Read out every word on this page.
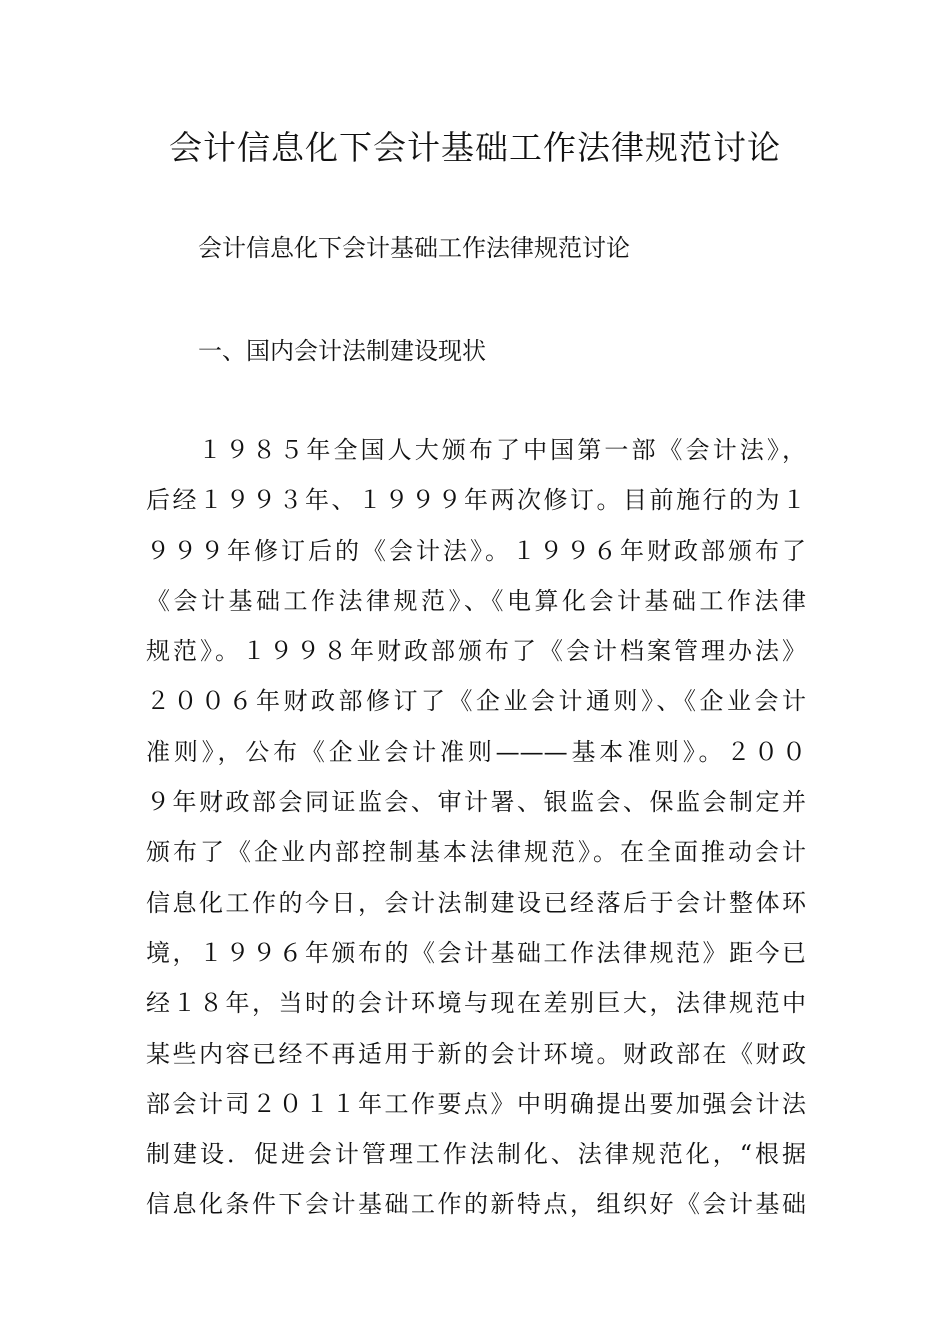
会计信息化下会计基础工作法律规范讨论
会计信息化下会计基础工作法律规范讨论
一、国内会计法制建设现状
１９８５年全国人大颁布了中国第一部《会计法》，
后经１９９３年、１９９９年两次修订。目前施行的为１
９９９年修订后的《会计法》。１９９６年财政部颁布了
《会计基础工作法律规范》、《电算化会计基础工作法律
规范》。１９９８年财政部颁布了《会计档案管理办法》
２００６年财政部修订了《企业会计通则》、《企业会计
准则》，公布《企业会计准则———基本准则》。２００
９年财政部会同证监会、审计署、银监会、保监会制定并
颁布了《企业内部控制基本法律规范》。在全面推动会计
信息化工作的今日，会计法制建设已经落后于会计整体环
境，１９９６年颁布的《会计基础工作法律规范》距今已
经１８年，当时的会计环境与现在差别巨大，法律规范中
某些内容已经不再适用于新的会计环境。财政部在《财政
部会计司２０１１年工作要点》中明确提出要加强会计法
制建设．促进会计管理工作法制化、法律规范化，“根据
信息化条件下会计基础工作的新特点，组织好《会计基础
